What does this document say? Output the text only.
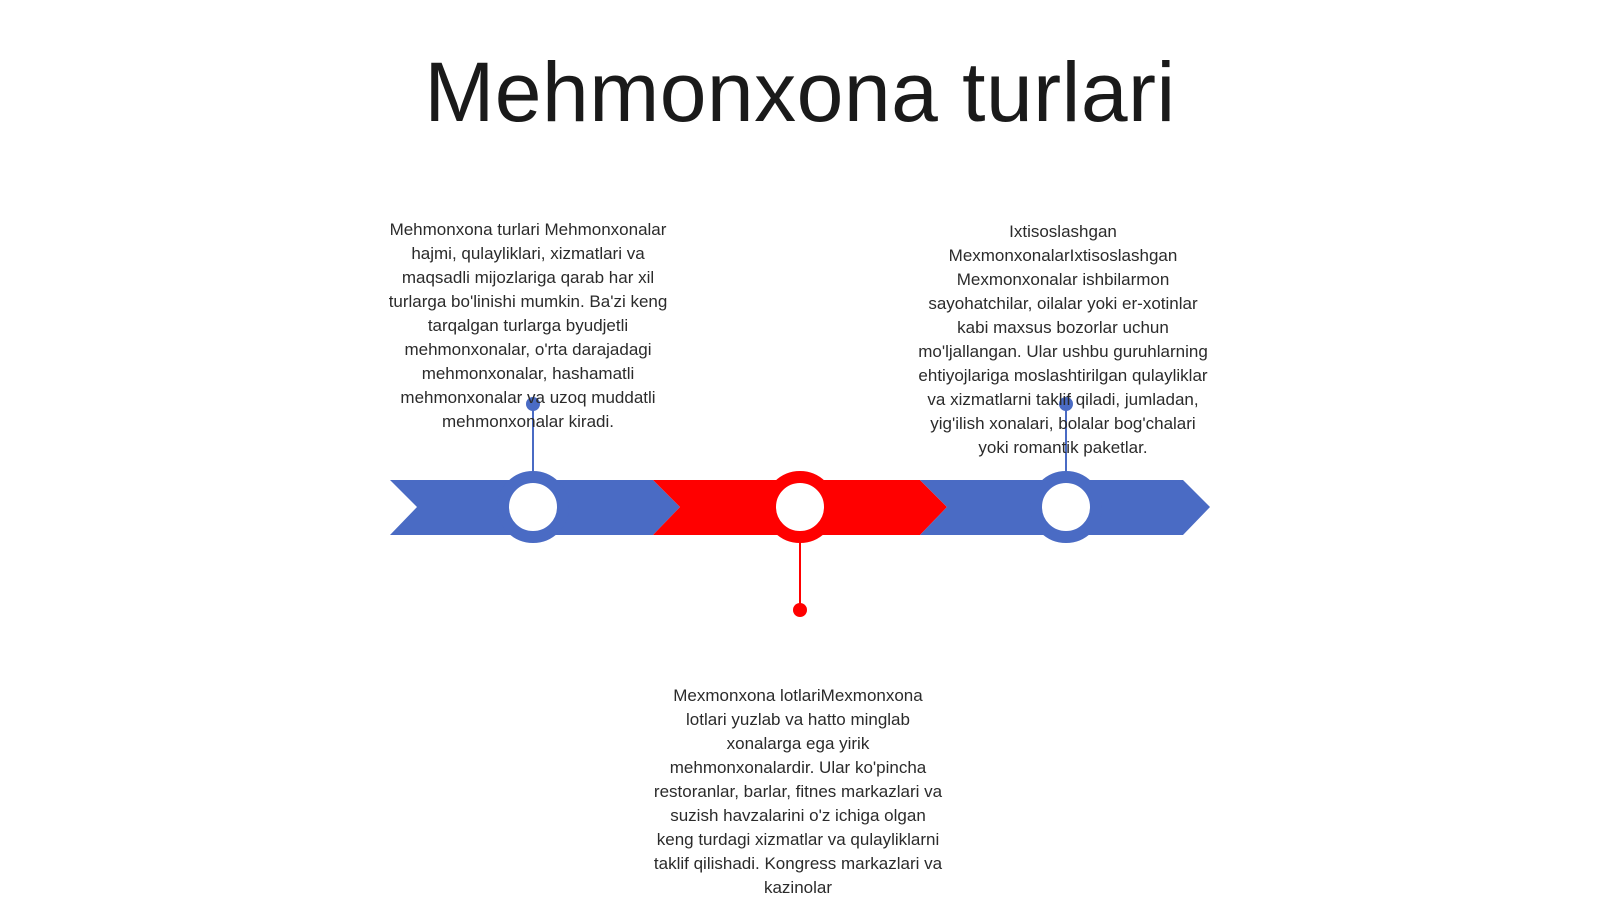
Mehmonxona turlari

Mehmonxona turlari Mehmonxonalar hajmi, qulayliklari, xizmatlari va maqsadli mijozlariga qarab har xil turlarga bo'linishi mumkin. Ba'zi keng tarqalgan turlarga byudjetli mehmonxonalar, o'rta darajadagi mehmonxonalar, hashamatli mehmonxonalar va uzoq muddatli mehmonxonalar kiradi.

Mexmonxona lotlariMexmonxona lotlari yuzlab va hatto minglab xonalarga ega yirik mehmonxonalardir. Ular ko'pincha restoranlar, barlar, fitnes markazlari va suzish havzalarini o'z ichiga olgan keng turdagi xizmatlar va qulayliklarni taklif qilishadi. Kongress markazlari va kazinolar

Ixtisoslashgan MexmonxonalarIxtisoslashgan Mexmonxonalar ishbilarmon sayohatchilar, oilalar yoki er-xotinlar kabi maxsus bozorlar uchun mo'ljallangan. Ular ushbu guruhlarning ehtiyojlariga moslashtirilgan qulayliklar va xizmatlarni taklif qiladi, jumladan, yig'ilish xonalari, bolalar bog'chalari yoki romantik paketlar.
